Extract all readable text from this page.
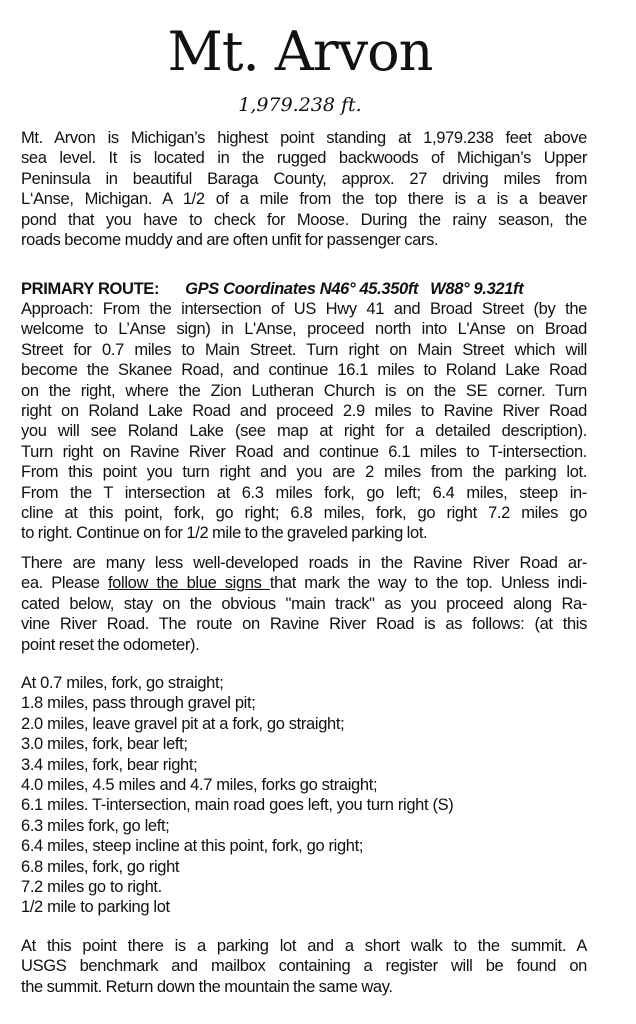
Mt. Arvon
1,979.238 ft.
Mt. Arvon is Michigan’s highest point standing at 1,979.238 feet above
sea level. It is located in the rugged backwoods of Michigan’s Upper
Peninsula in beautiful Baraga County, approx. 27 driving miles from
L‘Anse, Michigan. A 1/2 of a mile from the top there is a is a beaver
pond that you have to check for Moose. During the rainy season, the
roads become muddy and are often unfit for passenger cars.
PRIMARY ROUTE: GPS Coordinates N46° 45.350ft W88° 9.321ft
Approach: From the intersection of US Hwy 41 and Broad Street (by the
welcome to L’Anse sign) in L'Anse, proceed north into L'Anse on Broad
Street for 0.7 miles to Main Street. Turn right on Main Street which will
become the Skanee Road, and continue 16.1 miles to Roland Lake Road
on the right, where the Zion Lutheran Church is on the SE corner. Turn
right on Roland Lake Road and proceed 2.9 miles to Ravine River Road
you will see Roland Lake (see map at right for a detailed description).
Turn right on Ravine River Road and continue 6.1 miles to T-intersection.
From this point you turn right and you are 2 miles from the parking lot.
From the T intersection at 6.3 miles fork, go left; 6.4 miles, steep in-
cline at this point, fork, go right; 6.8 miles, fork, go right 7.2 miles go
to right. Continue on for 1/2 mile to the graveled parking lot.
There are many less well-developed roads in the Ravine River Road ar-
ea. Please follow the blue signs that mark the way to the top. Unless indi-
cated below, stay on the obvious "main track" as you proceed along Ra-
vine River Road. The route on Ravine River Road is as follows: (at this
point reset the odometer).
At 0.7 miles, fork, go straight;
1.8 miles, pass through gravel pit;
2.0 miles, leave gravel pit at a fork, go straight;
3.0 miles, fork, bear left;
3.4 miles, fork, bear right;
4.0 miles, 4.5 miles and 4.7 miles, forks go straight;
6.1 miles. T-intersection, main road goes left, you turn right (S)
6.3 miles fork, go left;
6.4 miles, steep incline at this point, fork, go right;
6.8 miles, fork, go right
7.2 miles go to right.
1/2 mile to parking lot
At this point there is a parking lot and a short walk to the summit. A
USGS benchmark and mailbox containing a register will be found on
the summit. Return down the mountain the same way.
